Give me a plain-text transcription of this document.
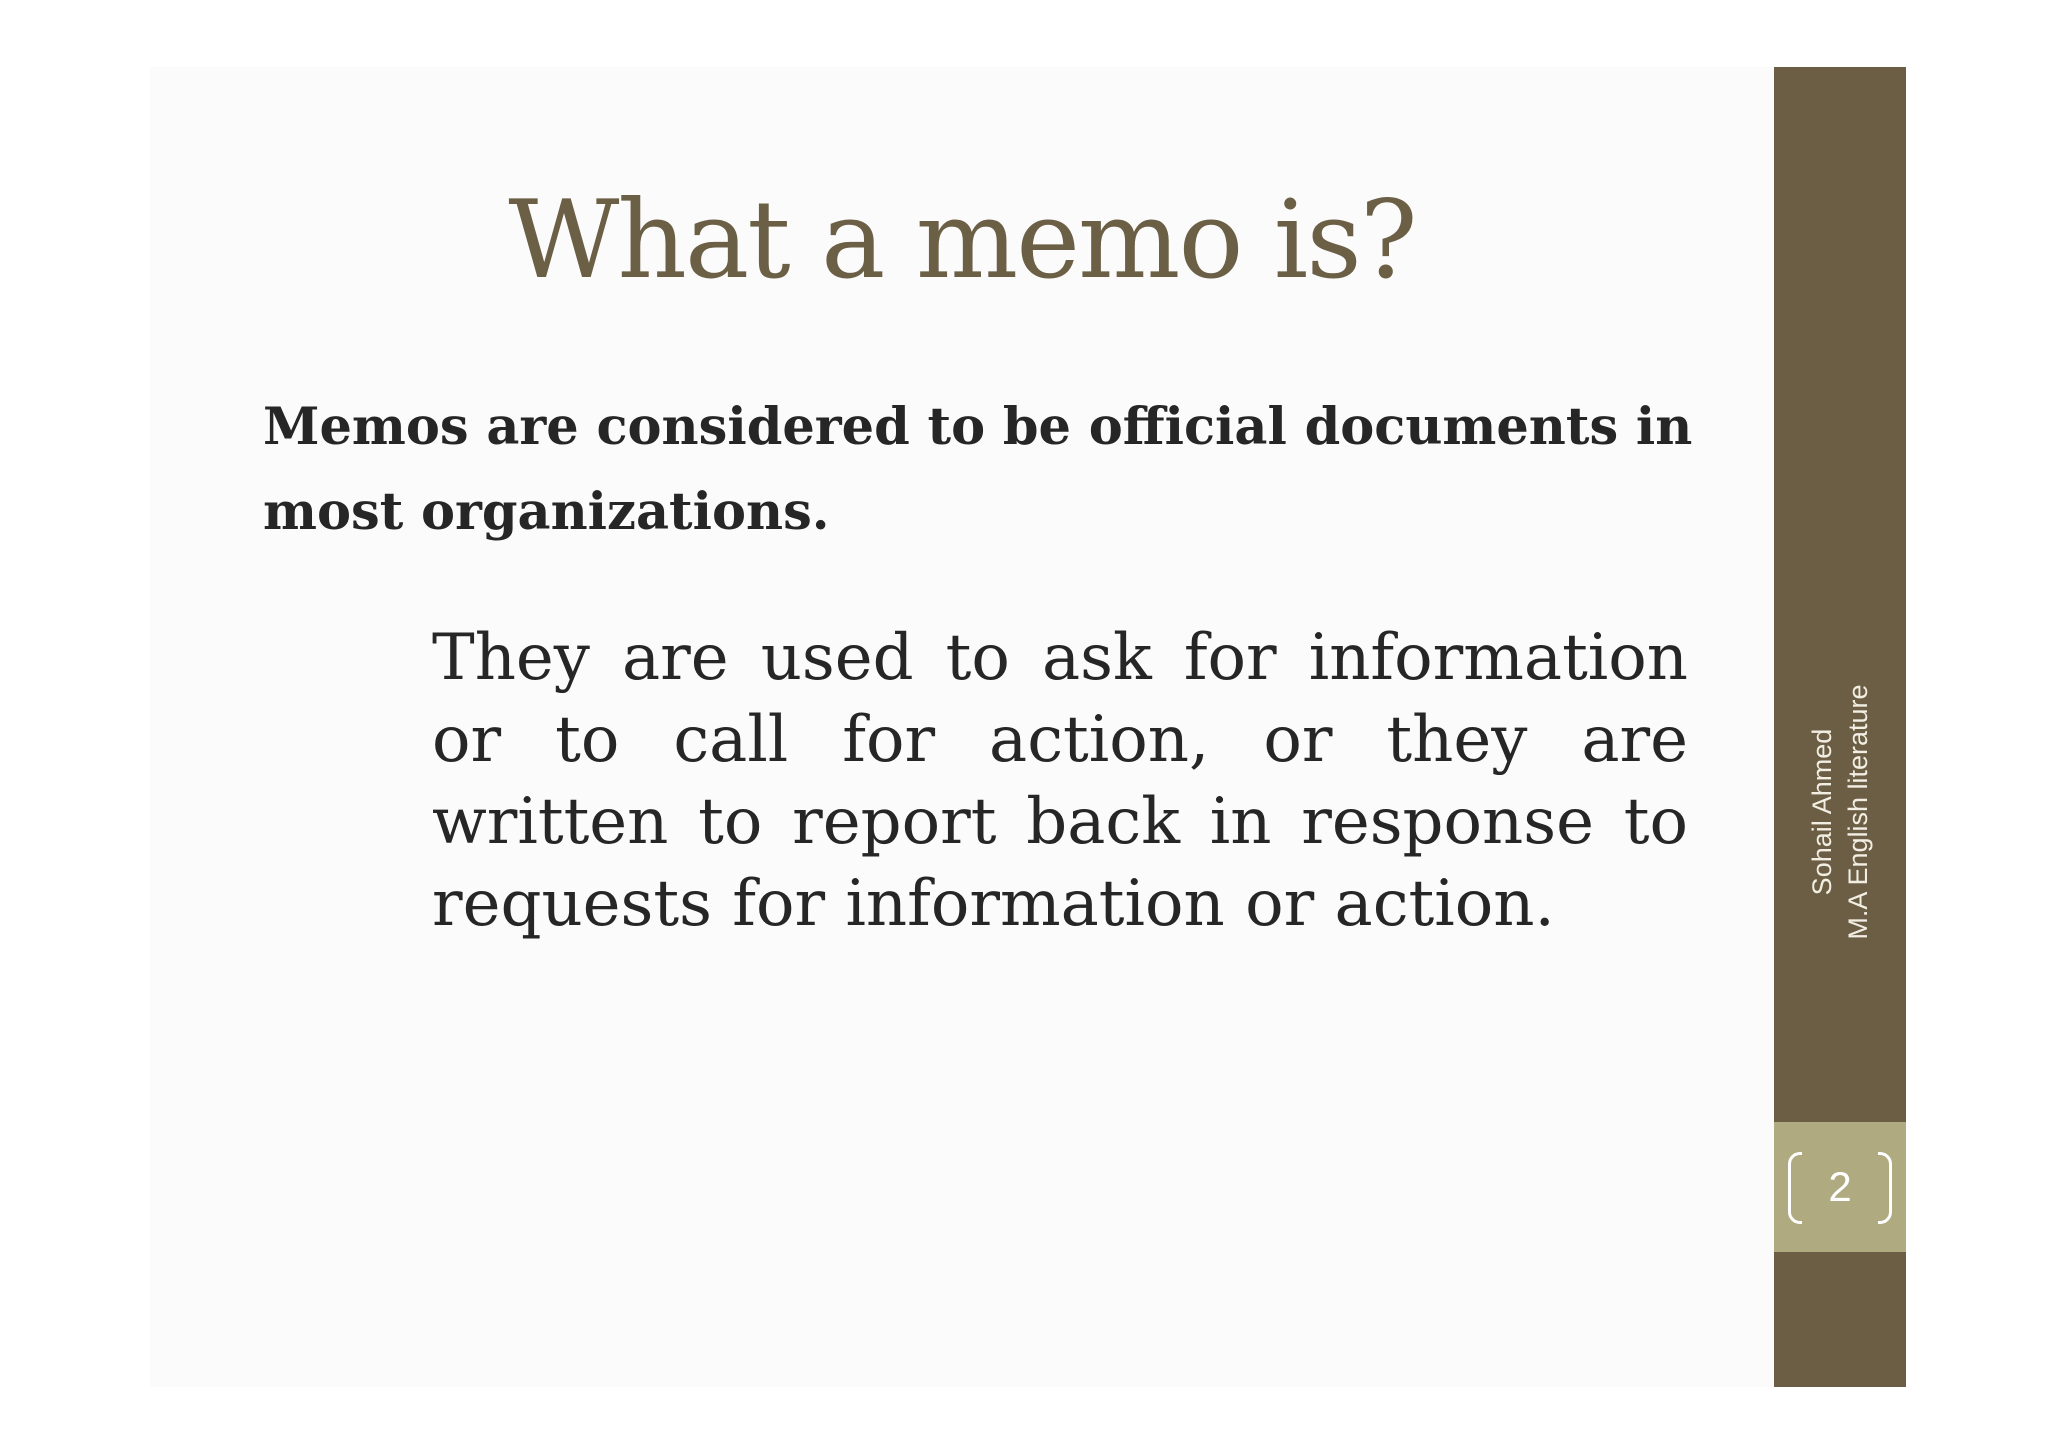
What a memo is?

Memos are considered to be official documents in most organizations.

They are used to ask for information or to call for action, or they are written to report back in response to requests for information or action.

Sohail Ahmed M.A English literature
2
